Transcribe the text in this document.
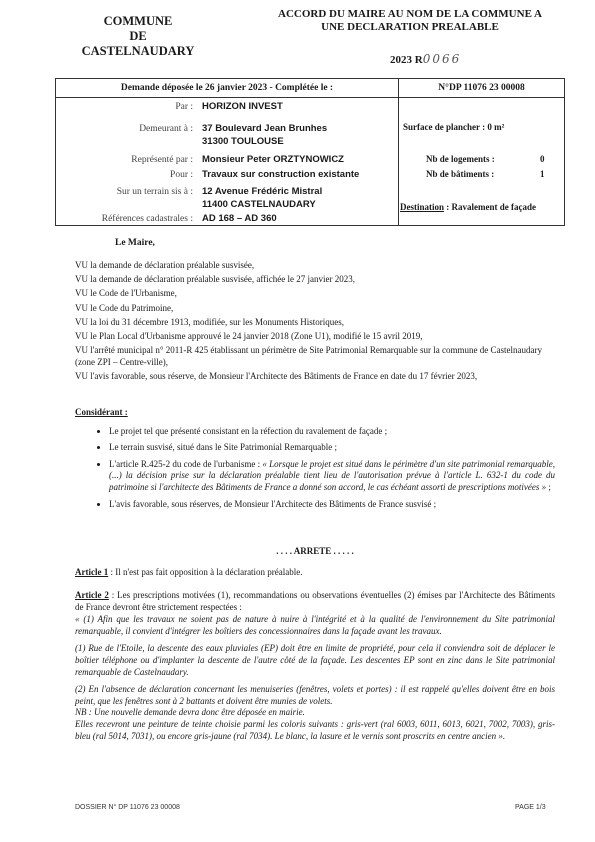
COMMUNE
DE
CASTELNAUDARY
ACCORD DU MAIRE AU NOM DE LA COMMUNE A
UNE DECLARATION PREALABLE
2023 R0066
Demande déposée le 26 janvier 2023 - Complétée le :	N°DP 11076 23 00008
Par : HORIZON INVEST
Demeurant à : 37 Boulevard Jean Brunhes
31300 TOULOUSE
Représenté par : Monsieur Peter ORZTYNOWICZ
Pour : Travaux sur construction existante
Sur un terrain sis à : 12 Avenue Frédéric Mistral
11400 CASTELNAUDARY
Références cadastrales : AD 168 – AD 360
Surface de plancher : 0 m²
Nb de logements :	0
Nb de bâtiments :	1
Destination : Ravalement de façade
Le Maire,

VU la demande de déclaration préalable susvisée,

VU la demande de déclaration préalable susvisée, affichée le 27 janvier 2023,

VU le Code de l'Urbanisme,

VU le Code du Patrimoine,

VU la loi du 31 décembre 1913, modifiée, sur les Monuments Historiques,

VU le Plan Local d'Urbanisme approuvé le 24 janvier 2018 (Zone U1), modifié le 15 avril 2019,

VU l'arrêté municipal n° 2011-R 425 établissant un périmètre de Site Patrimonial Remarquable sur la commune de Castelnaudary (zone ZPI – Centre-ville),

VU l'avis favorable, sous réserve, de Monsieur l'Architecte des Bâtiments de France en date du 17 février 2023,

Considérant :

• Le projet tel que présenté consistant en la réfection du ravalement de façade ;
• Le terrain susvisé, situé dans le Site Patrimonial Remarquable ;
• L'article R.425-2 du code de l'urbanisme : « Lorsque le projet est situé dans le périmètre d'un site patrimonial remarquable, (...) la décision prise sur la déclaration préalable tient lieu de l'autorisation prévue à l'article L. 632-1 du code du patrimoine si l'architecte des Bâtiments de France a donné son accord, le cas échéant assorti de prescriptions motivées » ;
• L'avis favorable, sous réserves, de Monsieur l'Architecte des Bâtiments de France susvisé ;
. . . . ARRETE . . . . .
Article 1 : Il n'est pas fait opposition à la déclaration préalable.

Article 2 : Les prescriptions motivées (1), recommandations ou observations éventuelles (2) émises par l'Architecte des Bâtiments de France devront être strictement respectées :

« (1) Afin que les travaux ne soient pas de nature à nuire à l'intégrité et à la qualité de l'environnement du Site patrimonial remarquable, il convient d'intégrer les boîtiers des concessionnaires dans la façade avant les travaux.

(1) Rue de l'Etoile, la descente des eaux pluviales (EP) doit être en limite de propriété, pour cela il conviendra soit de déplacer le boîtier téléphone ou d'implanter la descente de l'autre côté de la façade. Les descentes EP sont en zinc dans le Site patrimonial remarquable de Castelnaudary.

(2) En l'absence de déclaration concernant les menuiseries (fenêtres, volets et portes) : il est rappelé qu'elles doivent être en bois peint, que les fenêtres sont à 2 battants et doivent être munies de volets.

NB : Une nouvelle demande devra donc être déposée en mairie.

Elles recevront une peinture de teinte choisie parmi les coloris suivants : gris-vert (ral 6003, 6011, 6013, 6021, 7002, 7003), gris-bleu (ral 5014, 7031), ou encore gris-jaune (ral 7034). Le blanc, la lasure et le vernis sont proscrits en centre ancien ».

DOSSIER N° DP 11076 23 00008	PAGE 1/3
